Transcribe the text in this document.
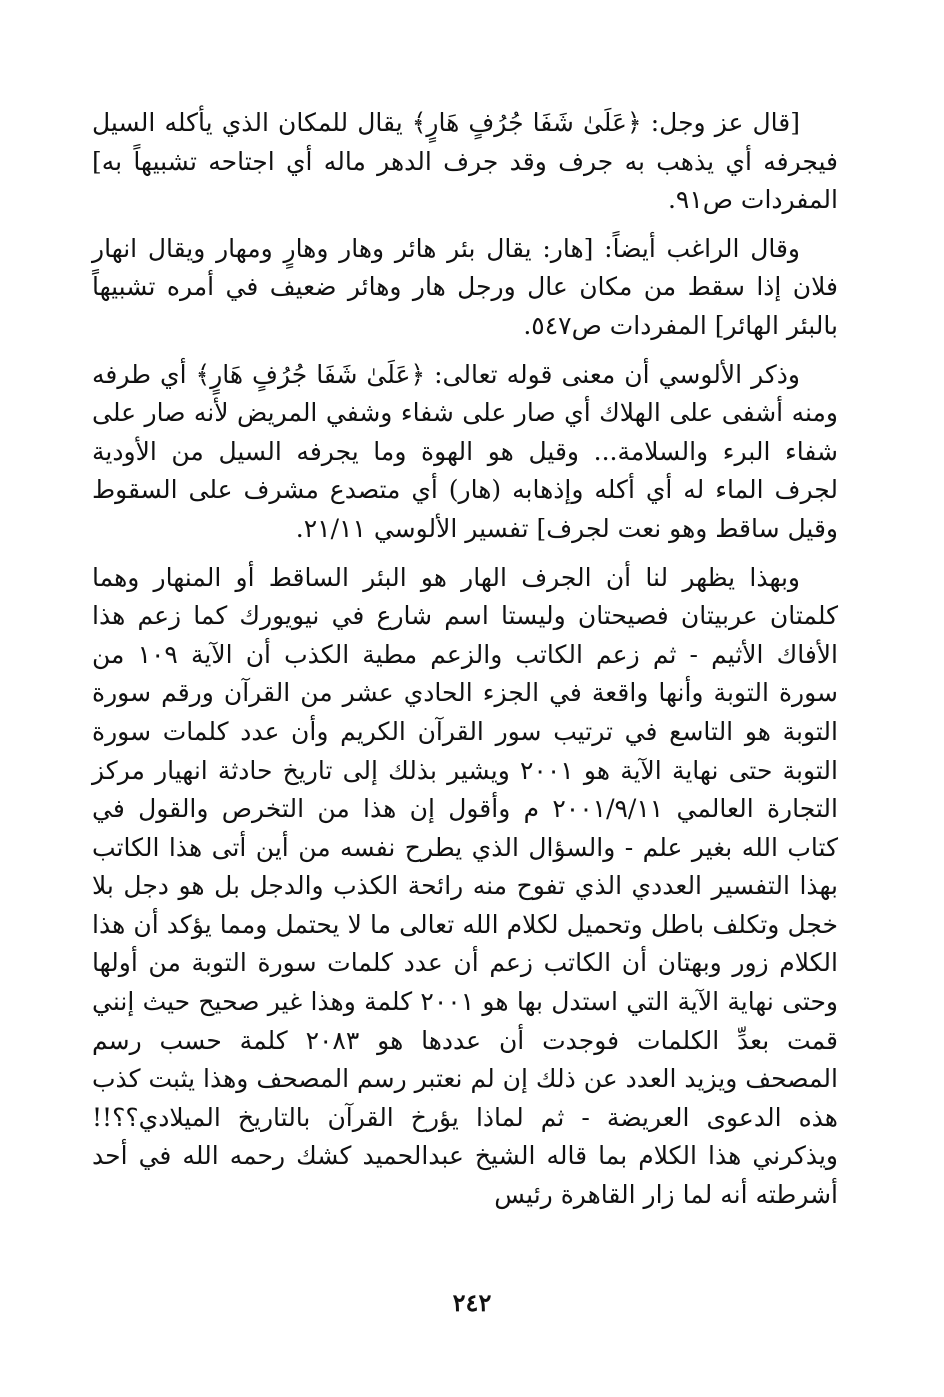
[قال عز وجل: ﴿عَلَىٰ شَفَا جُرُفٍ هَارٍ﴾ يقال للمكان الذي يأكله السيل فيجرفه أي يذهب به جرف وقد جرف الدهر ماله أي اجتاحه تشبيهاً به] المفردات ص٩١.

وقال الراغب أيضاً: [هار: يقال بئر هائر وهار وهارٍ ومهار ويقال انهار فلان إذا سقط من مكان عال ورجل هار وهائر ضعيف في أمره تشبيهاً بالبئر الهائر] المفردات ص٥٤٧.

وذكر الألوسي أن معنى قوله تعالى: ﴿عَلَىٰ شَفَا جُرُفٍ هَارٍ﴾ أي طرفه ومنه أشفى على الهلاك أي صار على شفاء وشفي المريض لأنه صار على شفاء البرء والسلامة... وقيل هو الهوة وما يجرفه السيل من الأودية لجرف الماء له أي أكله وإذهابه (هار) أي متصدع مشرف على السقوط وقيل ساقط وهو نعت لجرف] تفسير الألوسي ٢١/١١.

وبهذا يظهر لنا أن الجرف الهار هو البئر الساقط أو المنهار وهما كلمتان عربيتان فصيحتان وليستا اسم شارع في نيويورك كما زعم هذا الأفاك الأثيم - ثم زعم الكاتب والزعم مطية الكذب أن الآية ١٠٩ من سورة التوبة وأنها واقعة في الجزء الحادي عشر من القرآن ورقم سورة التوبة هو التاسع في ترتيب سور القرآن الكريم وأن عدد كلمات سورة التوبة حتى نهاية الآية هو ٢٠٠١ ويشير بذلك إلى تاريخ حادثة انهيار مركز التجارة العالمي ٢٠٠١/٩/١١ م وأقول إن هذا من التخرص والقول في كتاب الله بغير علم - والسؤال الذي يطرح نفسه من أين أتى هذا الكاتب بهذا التفسير العددي الذي تفوح منه رائحة الكذب والدجل بل هو دجل بلا خجل وتكلف باطل وتحميل لكلام الله تعالى ما لا يحتمل ومما يؤكد أن هذا الكلام زور وبهتان أن الكاتب زعم أن عدد كلمات سورة التوبة من أولها وحتى نهاية الآية التي استدل بها هو ٢٠٠١ كلمة وهذا غير صحيح حيث إنني قمت بعدِّ الكلمات فوجدت أن عددها هو ٢٠٨٣ كلمة حسب رسم المصحف ويزيد العدد عن ذلك إن لم نعتبر رسم المصحف وهذا يثبت كذب هذه الدعوى العريضة - ثم لماذا يؤرخ القرآن بالتاريخ الميلادي؟؟!! ويذكرني هذا الكلام بما قاله الشيخ عبدالحميد كشك رحمه الله في أحد أشرطته أنه لما زار القاهرة رئيس

٢٤٢
